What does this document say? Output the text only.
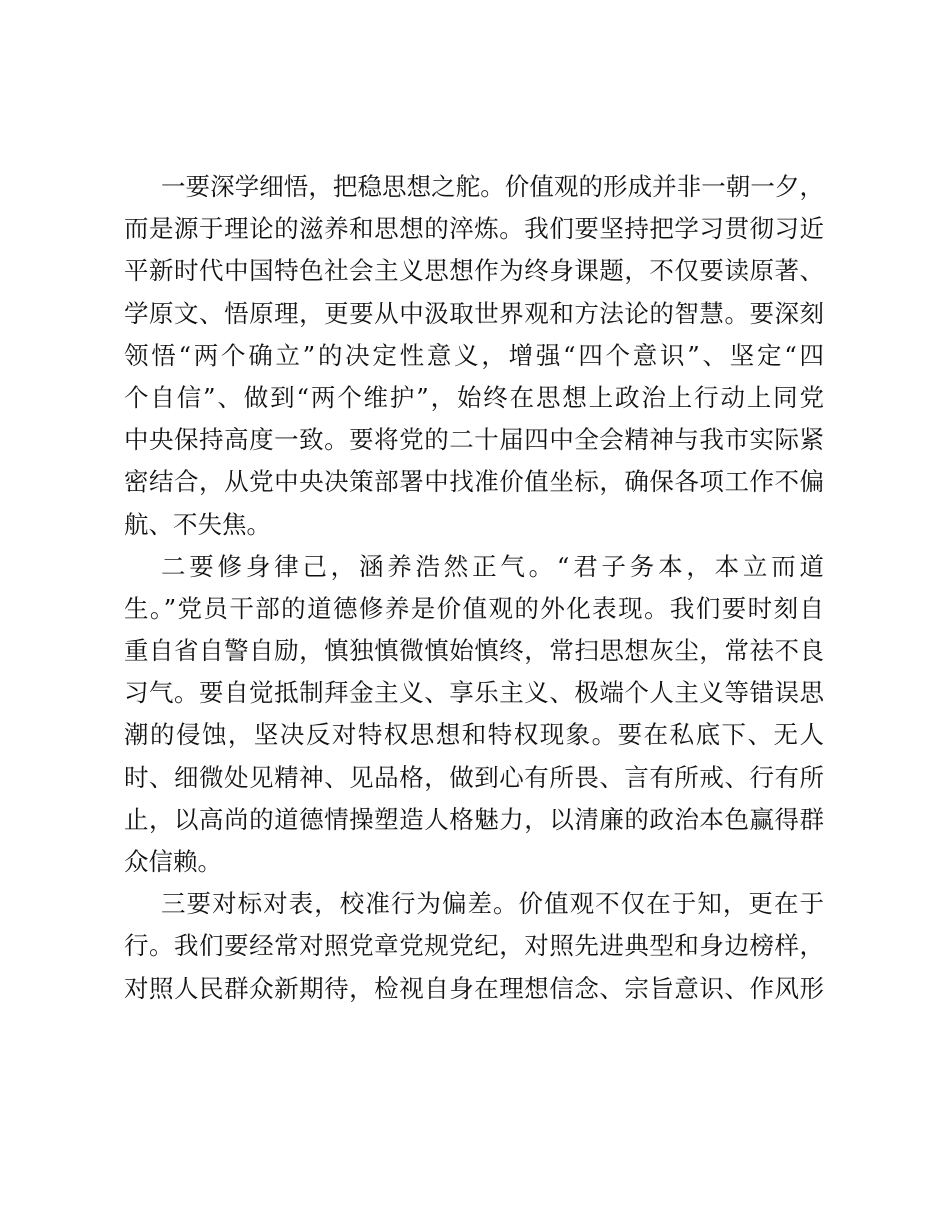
一要深学细悟，把稳思想之舵。价值观的形成并非一朝一夕，
而是源于理论的滋养和思想的淬炼。我们要坚持把学习贯彻习近
平新时代中国特色社会主义思想作为终身课题，不仅要读原著、
学原文、悟原理，更要从中汲取世界观和方法论的智慧。要深刻
领悟“两个确立”的决定性意义，增强“四个意识”、坚定“四
个自信”、做到“两个维护”，始终在思想上政治上行动上同党
中央保持高度一致。要将党的二十届四中全会精神与我市实际紧
密结合，从党中央决策部署中找准价值坐标，确保各项工作不偏
航、不失焦。
二要修身律己，涵养浩然正气。“君子务本，本立而道
生。”党员干部的道德修养是价值观的外化表现。我们要时刻自
重自省自警自励，慎独慎微慎始慎终，常扫思想灰尘，常祛不良
习气。要自觉抵制拜金主义、享乐主义、极端个人主义等错误思
潮的侵蚀，坚决反对特权思想和特权现象。要在私底下、无人
时、细微处见精神、见品格，做到心有所畏、言有所戒、行有所
止，以高尚的道德情操塑造人格魅力，以清廉的政治本色赢得群
众信赖。
三要对标对表，校准行为偏差。价值观不仅在于知，更在于
行。我们要经常对照党章党规党纪，对照先进典型和身边榜样，
对照人民群众新期待，检视自身在理想信念、宗旨意识、作风形
